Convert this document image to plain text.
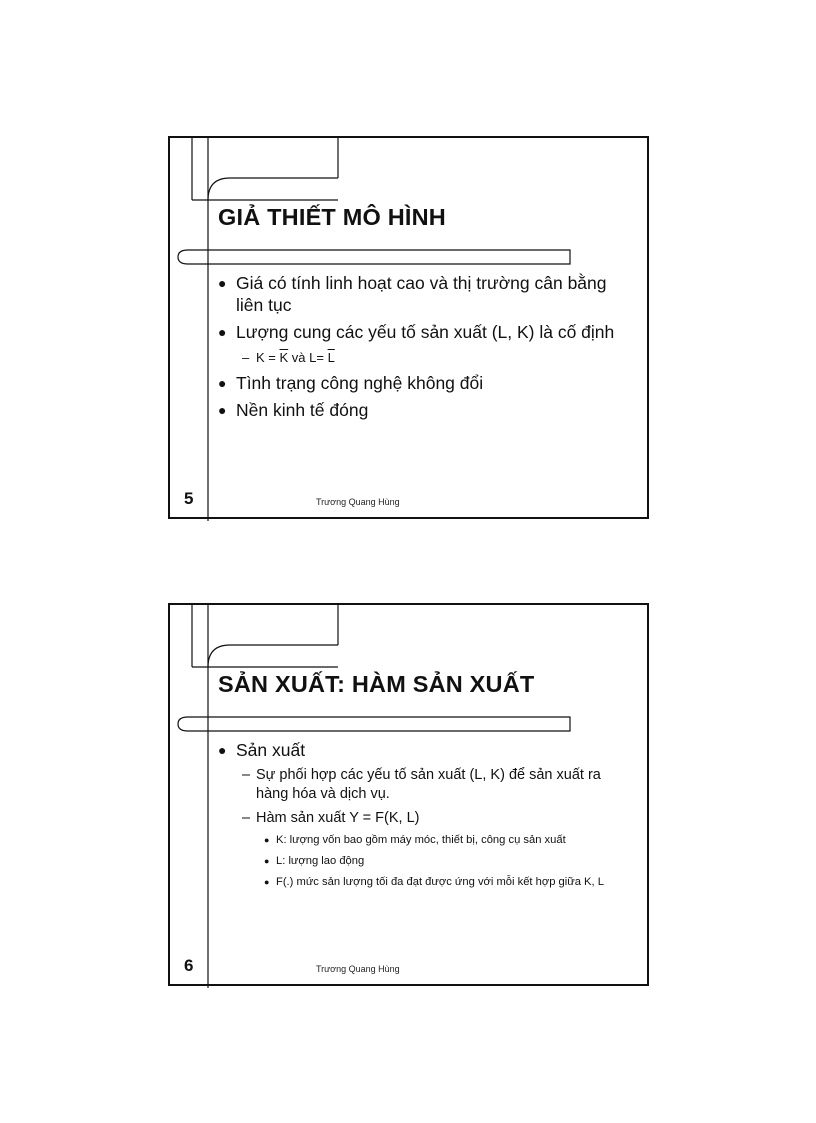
GIẢ THIẾT MÔ HÌNH
● Giá có tính linh hoạt cao và thị trường cân bằng liên tục
● Lượng cung các yếu tố sản xuất (L, K) là cố định
– $K = \overline{K}$ và $L= \overline{L}$
● Tình trạng công nghệ không đổi
● Nền kinh tế đóng
5	Trương Quang Hùng
SẢN XUẤT: HÀM SẢN XUẤT
● Sản xuất
– Sự phối hợp các yếu tố sản xuất (L, K) để sản xuất ra hàng hóa và dịch vụ.
– Hàm sản xuất Y = F(K, L)
● K: lượng vốn bao gồm máy móc, thiết bị, công cụ sản xuất
● L: lượng lao động
● F(.) mức sản lượng tối đa đạt được ứng với mỗi kết hợp giữa K, L
6	Trương Quang Hùng
